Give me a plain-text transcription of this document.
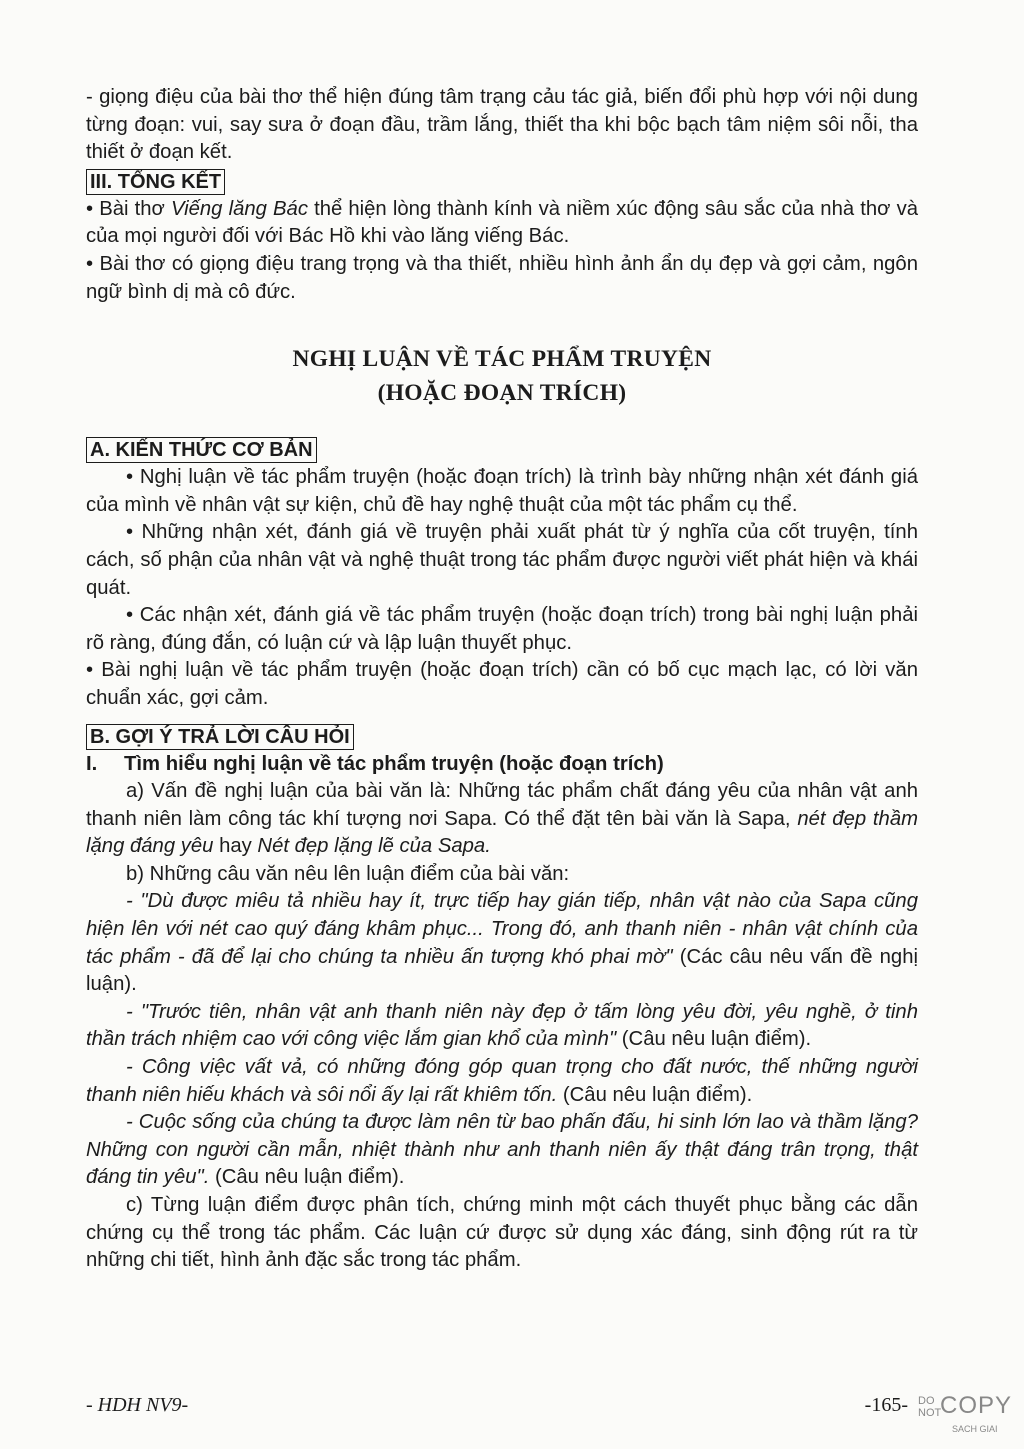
- giọng điệu của bài thơ thể hiện đúng tâm trạng cảu tác giả, biến đổi phù hợp với nội dung từng đoạn: vui, say sưa ở đoạn đầu, trầm lắng, thiết tha khi bộc bạch tâm niệm sôi nỗi, tha thiết ở đoạn kết.

III. TỔNG KẾT

• Bài thơ Viếng lăng Bác thể hiện lòng thành kính và niềm xúc động sâu sắc của nhà thơ và của mọi người đối với Bác Hồ khi vào lăng viếng Bác.

• Bài thơ có giọng điệu trang trọng và tha thiết, nhiều hình ảnh ẩn dụ đẹp và gợi cảm, ngôn ngữ bình dị mà cô đức.

NGHỊ LUẬN VỀ TÁC PHẨM TRUYỆN
(HOẶC ĐOẠN TRÍCH)
A. KIẾN THỨC CƠ BẢN

• Nghị luận về tác phẩm truyện (hoặc đoạn trích) là trình bày những nhận xét đánh giá của mình về nhân vật sự kiện, chủ đề hay nghệ thuật của một tác phẩm cụ thể.

• Những nhận xét, đánh giá về truyện phải xuất phát từ ý nghĩa của cốt truyện, tính cách, số phận của nhân vật và nghệ thuật trong tác phẩm được người viết phát hiện và khái quát.

• Các nhận xét, đánh giá về tác phẩm truyện (hoặc đoạn trích) trong bài nghị luận phải rõ ràng, đúng đắn, có luận cứ và lập luận thuyết phục.

• Bài nghị luận về tác phẩm truyện (hoặc đoạn trích) cần có bố cục mạch lạc, có lời văn chuẩn xác, gợi cảm.

B. GỢI Ý TRẢ LỜI CÂU HỎI
I. Tìm hiểu nghị luận về tác phẩm truyện (hoặc đoạn trích)

a) Vấn đề nghị luận của bài văn là: Những tác phẩm chất đáng yêu của nhân vật anh thanh niên làm công tác khí tượng nơi Sapa. Có thể đặt tên bài văn là Sapa, nét đẹp thầm lặng đáng yêu hay Nét đẹp lặng lẽ của Sapa.

b) Những câu văn nêu lên luận điểm của bài văn:

- "Dù được miêu tả nhiều hay ít, trực tiếp hay gián tiếp, nhân vật nào của Sapa cũng hiện lên với nét cao quý đáng khâm phục... Trong đó, anh thanh niên - nhân vật chính của tác phẩm - đã để lại cho chúng ta nhiều ấn tượng khó phai mờ" (Các câu nêu vấn đề nghị luận).

- "Trước tiên, nhân vật anh thanh niên này đẹp ở tấm lòng yêu đời, yêu nghề, ở tinh thần trách nhiệm cao với công việc lắm gian khổ của mình" (Câu nêu luận điểm).

- Công việc vất vả, có những đóng góp quan trọng cho đất nước, thế những người thanh niên hiếu khách và sôi nổi ấy lại rất khiêm tốn. (Câu nêu luận điểm).

- Cuộc sống của chúng ta được làm nên từ bao phấn đấu, hi sinh lớn lao và thầm lặng? Những con người cần mẫn, nhiệt thành như anh thanh niên ấy thật đáng trân trọng, thật đáng tin yêu". (Câu nêu luận điểm).

c) Từng luận điểm được phân tích, chứng minh một cách thuyết phục bằng các dẫn chứng cụ thể trong tác phẩm. Các luận cứ được sử dụng xác đáng, sinh động rút ra từ những chi tiết, hình ảnh đặc sắc trong tác phẩm.

- HDH NV9-	-165- DO
NOT
COPY
SACH GIAI
